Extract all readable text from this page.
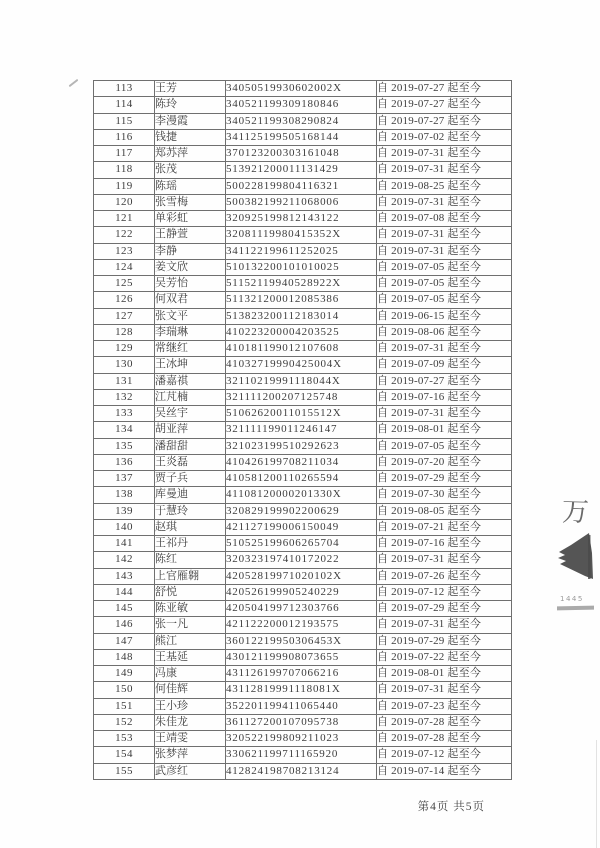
113	王芳	34050519930602002X	自 2019-07-27 起至今
114	陈玲	340521199309180846	自 2019-07-27 起至今
115	李漫霞	340521199308290824	自 2019-07-27 起至今
116	钱捷	341125199505168144	自 2019-07-02 起至今
117	郑苏萍	370123200303161048	自 2019-07-31 起至今
118	张茂	513921200011131429	自 2019-07-31 起至今
119	陈瑶	500228199804116321	自 2019-08-25 起至今
120	张雪梅	500382199211068006	自 2019-07-31 起至今
121	单彩虹	320925199812143122	自 2019-07-08 起至今
122	王静萱	32081119980415352X	自 2019-07-31 起至今
123	李静	341122199611252025	自 2019-07-31 起至今
124	姜文欣	510132200101010025	自 2019-07-05 起至今
125	吴芳怡	51152119940528922X	自 2019-07-05 起至今
126	何双君	511321200012085386	自 2019-07-05 起至今
127	张文平	513823200112183014	自 2019-06-15 起至今
128	李瑞琳	410223200004203525	自 2019-08-06 起至今
129	常继红	410181199012107608	自 2019-07-31 起至今
130	王冰坤	41032719990425004X	自 2019-07-09 起至今
131	潘嘉祺	32110219991118044X	自 2019-07-27 起至今
132	江芃楠	321111200207125748	自 2019-07-16 起至今
133	吴丝宇	51062620011015512X	自 2019-07-31 起至今
134	胡亚萍	321111199011246147	自 2019-08-01 起至今
135	潘甜甜	321023199510292623	自 2019-07-05 起至今
136	王炎磊	410426199708211034	自 2019-07-20 起至今
137	贾子兵	410581200110265594	自 2019-07-29 起至今
138	库曼迪	41108120000201330X	自 2019-07-30 起至今
139	于慧玲	320829199902200629	自 2019-08-05 起至今
140	赵琪	421127199006150049	自 2019-07-21 起至今
141	王祁丹	510525199606265704	自 2019-07-16 起至今
142	陈红	320323197410172022	自 2019-07-31 起至今
143	上官雁翱	42052819971020102X	自 2019-07-26 起至今
144	舒悦	420526199905240229	自 2019-07-12 起至今
145	陈亚敏	420504199712303766	自 2019-07-29 起至今
146	张一凡	421122200012193575	自 2019-07-31 起至今
147	熊江	36012219950306453X	自 2019-07-29 起至今
148	王基延	430121199908073655	自 2019-07-22 起至今
149	冯康	431126199707066216	自 2019-08-01 起至今
150	何佳辉	43112819991118081X	自 2019-07-31 起至今
151	王小珍	352201199411065440	自 2019-07-23 起至今
152	朱佳龙	361127200107095738	自 2019-07-28 起至今
153	王靖雯	320522199809211023	自 2019-07-28 起至今
154	张梦萍	330621199711165920	自 2019-07-12 起至今
155	武彦红	412824198708213124	自 2019-07-14 起至今
第4页 共5页
万
1445
